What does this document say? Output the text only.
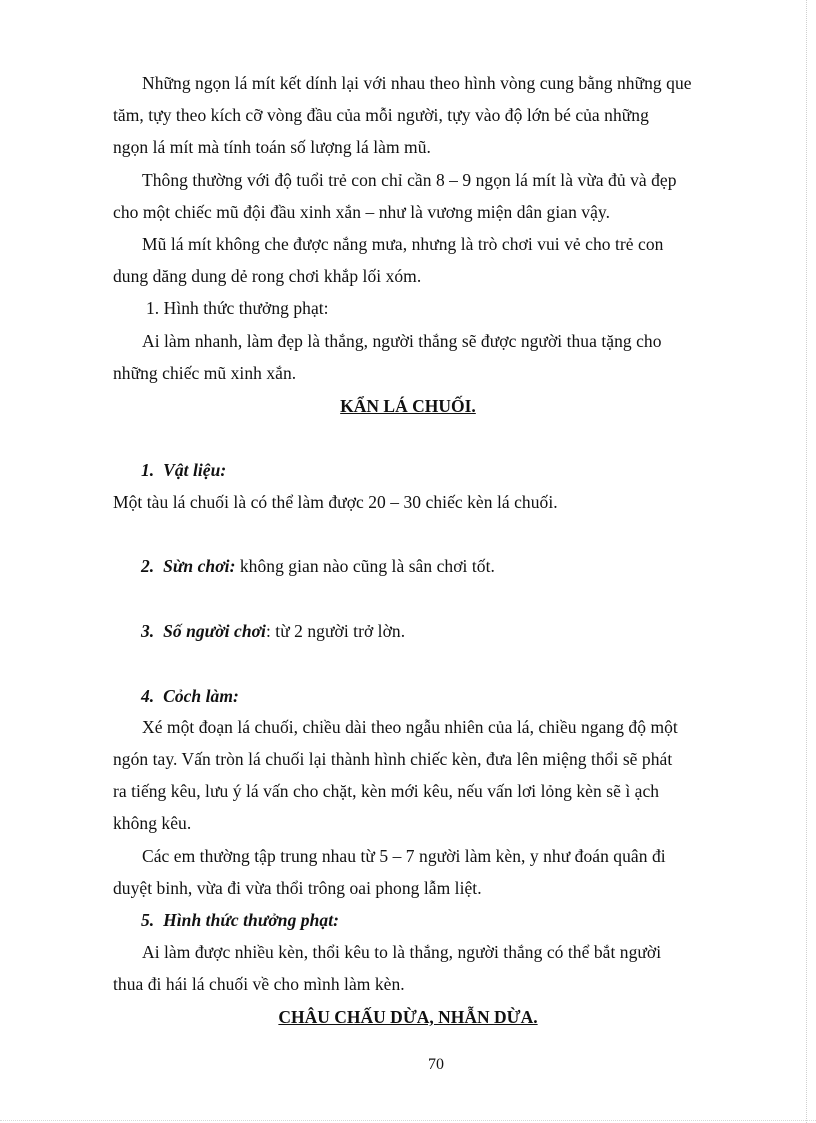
Những ngọn lá mít kết dính lại với nhau theo hình vòng cung bằng những que
tăm, tựy theo kích cỡ vòng đầu của mỗi người, tựy vào độ lớn bé của những
ngọn lá mít mà tính toán số lượng lá làm mũ.
Thông thường với độ tuổi trẻ con chỉ cần 8 – 9 ngọn lá mít là vừa đủ và đẹp
cho một chiếc mũ đội đầu xinh xắn – như là vương miện dân gian vậy.
Mũ lá mít không che được nắng mưa, nhưng là trò chơi vui vẻ cho trẻ con
dung dăng dung dẻ rong chơi khắp lối xóm.
1. Hình thức thưởng phạt:
Ai làm nhanh, làm đẹp là thắng, người thắng sẽ được người thua tặng cho
những chiếc mũ xinh xắn.
KẨN LÁ CHUỐI.
1. Vật liệu:
Một tàu lá chuối là có thể làm được 20 – 30 chiếc kèn lá chuối.
2. Sừn chơi: không gian nào cũng là sân chơi tốt.
3. Số người chơi: từ 2 người trở lờn.
4. Cỏch làm:
Xé một đoạn lá chuối, chiều dài theo ngẫu nhiên của lá, chiều ngang độ một
ngón tay. Vấn tròn lá chuối lại thành hình chiếc kèn, đưa lên miệng thổi sẽ phát
ra tiếng kêu, lưu ý lá vấn cho chặt, kèn mới kêu, nếu vấn lơi lỏng kèn sẽ ì ạch
không kêu.
Các em thường tập trung nhau từ 5 – 7 người làm kèn, y như đoán quân đi
duyệt binh, vừa đi vừa thổi trông oai phong lẫm liệt.
5. Hình thức thưởng phạt:
Ai làm được nhiều kèn, thổi kêu to là thắng, người thắng có thể bắt người
thua đi hái lá chuối về cho mình làm kèn.
CHÂU CHẤU DỪA, NHẪN DỪA.
70
